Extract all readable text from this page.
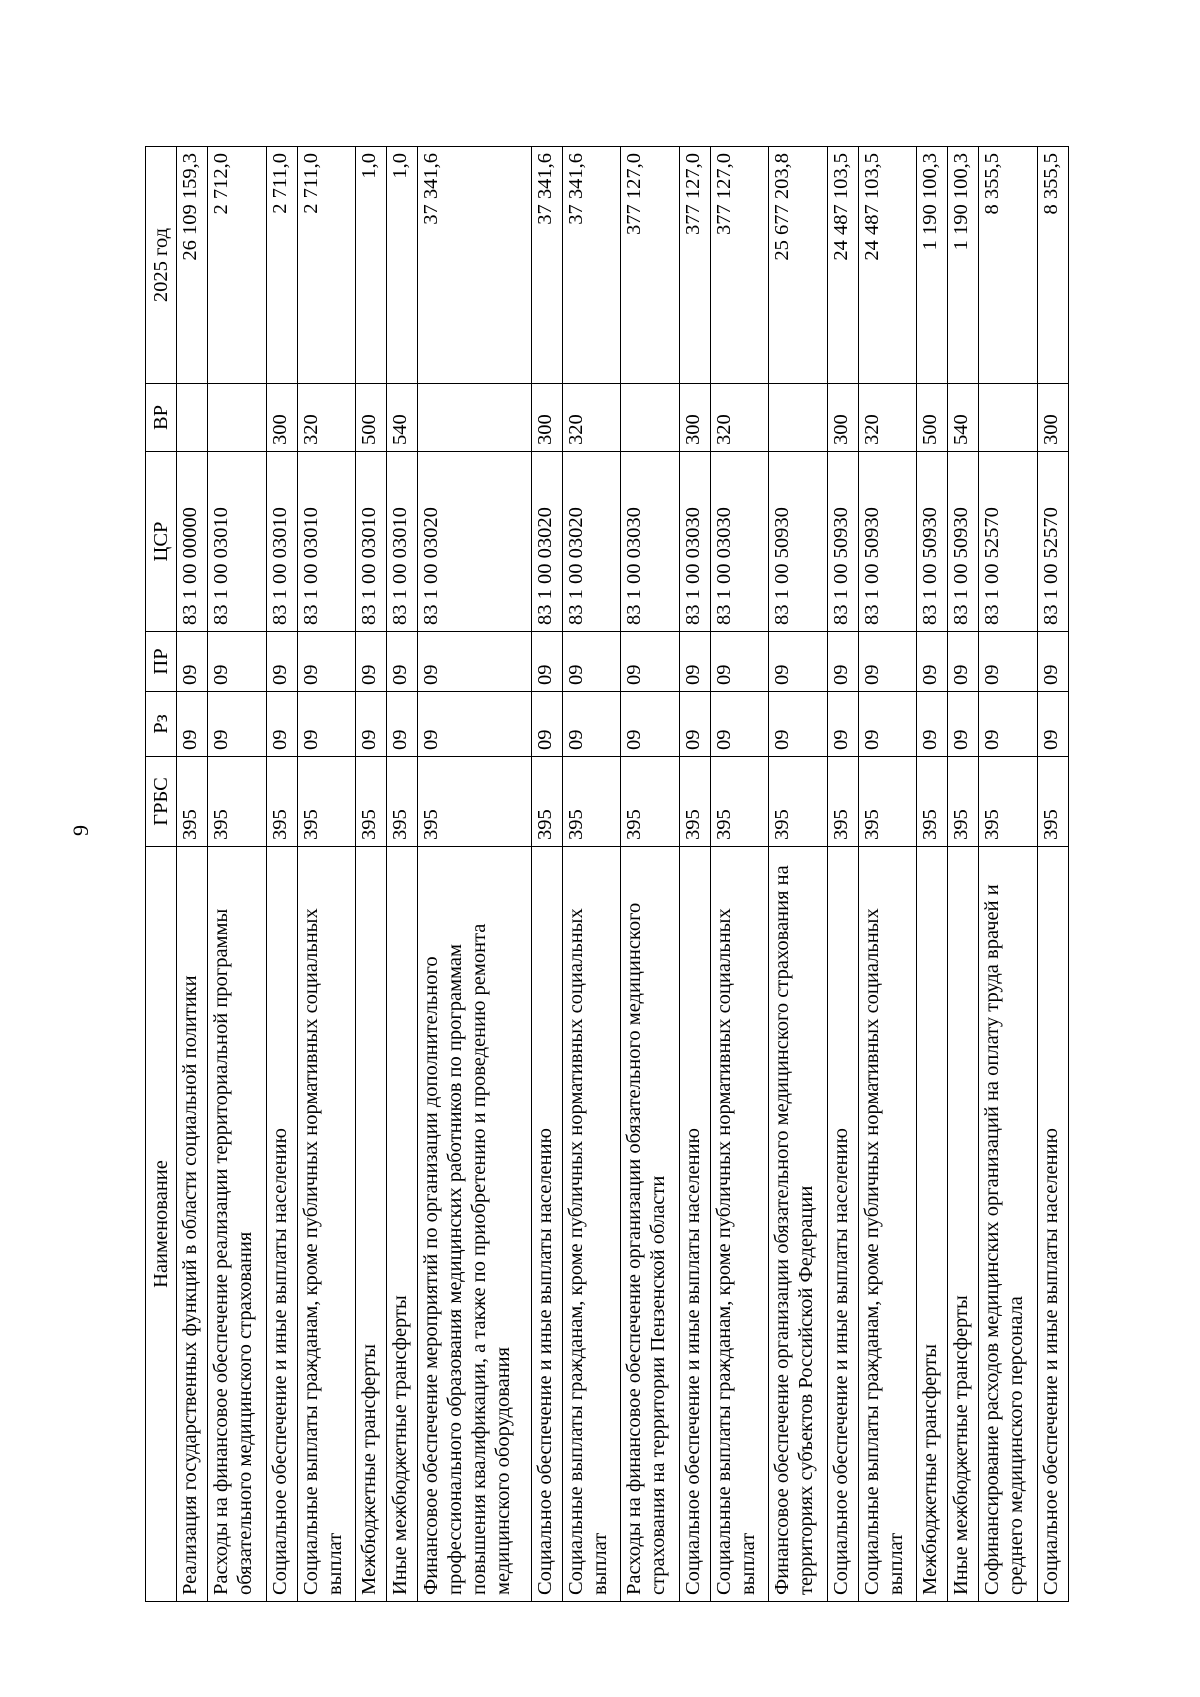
9
Наименование	ГРБС	Рз	ПР	ЦСР	ВР	2025 год
Реализация государственных функций в области социальной политики	395	09	09	83 1 00 00000		26 109 159,3
Расходы на финансовое обеспечение реализации территориальной программы обязательного медицинского страхования	395	09	09	83 1 00 03010		2 712,0
Социальное обеспечение и иные выплаты населению	395	09	09	83 1 00 03010	300	2 711,0
Социальные выплаты гражданам, кроме публичных нормативных социальных выплат	395	09	09	83 1 00 03010	320	2 711,0
Межбюджетные трансферты	395	09	09	83 1 00 03010	500	1,0
Иные межбюджетные трансферты	395	09	09	83 1 00 03010	540	1,0
Финансовое обеспечение мероприятий по организации дополнительного профессионального образования медицинских работников по программам повышения квалификации, а также по приобретению и проведению ремонта медицинского оборудования	395	09	09	83 1 00 03020		37 341,6
Социальное обеспечение и иные выплаты населению	395	09	09	83 1 00 03020	300	37 341,6
Социальные выплаты гражданам, кроме публичных нормативных социальных выплат	395	09	09	83 1 00 03020	320	37 341,6
Расходы на финансовое обеспечение организации обязательного медицинского страхования на территории Пензенской области	395	09	09	83 1 00 03030		377 127,0
Социальное обеспечение и иные выплаты населению	395	09	09	83 1 00 03030	300	377 127,0
Социальные выплаты гражданам, кроме публичных нормативных социальных выплат	395	09	09	83 1 00 03030	320	377 127,0
Финансовое обеспечение организации обязательного медицинского страхования на территориях субъектов Российской Федерации	395	09	09	83 1 00 50930		25 677 203,8
Социальное обеспечение и иные выплаты населению	395	09	09	83 1 00 50930	300	24 487 103,5
Социальные выплаты гражданам, кроме публичных нормативных социальных выплат	395	09	09	83 1 00 50930	320	24 487 103,5
Межбюджетные трансферты	395	09	09	83 1 00 50930	500	1 190 100,3
Иные межбюджетные трансферты	395	09	09	83 1 00 50930	540	1 190 100,3
Софинансирование расходов медицинских организаций на оплату труда врачей и среднего медицинского персонала	395	09	09	83 1 00 52570		8 355,5
Социальное обеспечение и иные выплаты населению	395	09	09	83 1 00 52570	300	8 355,5
